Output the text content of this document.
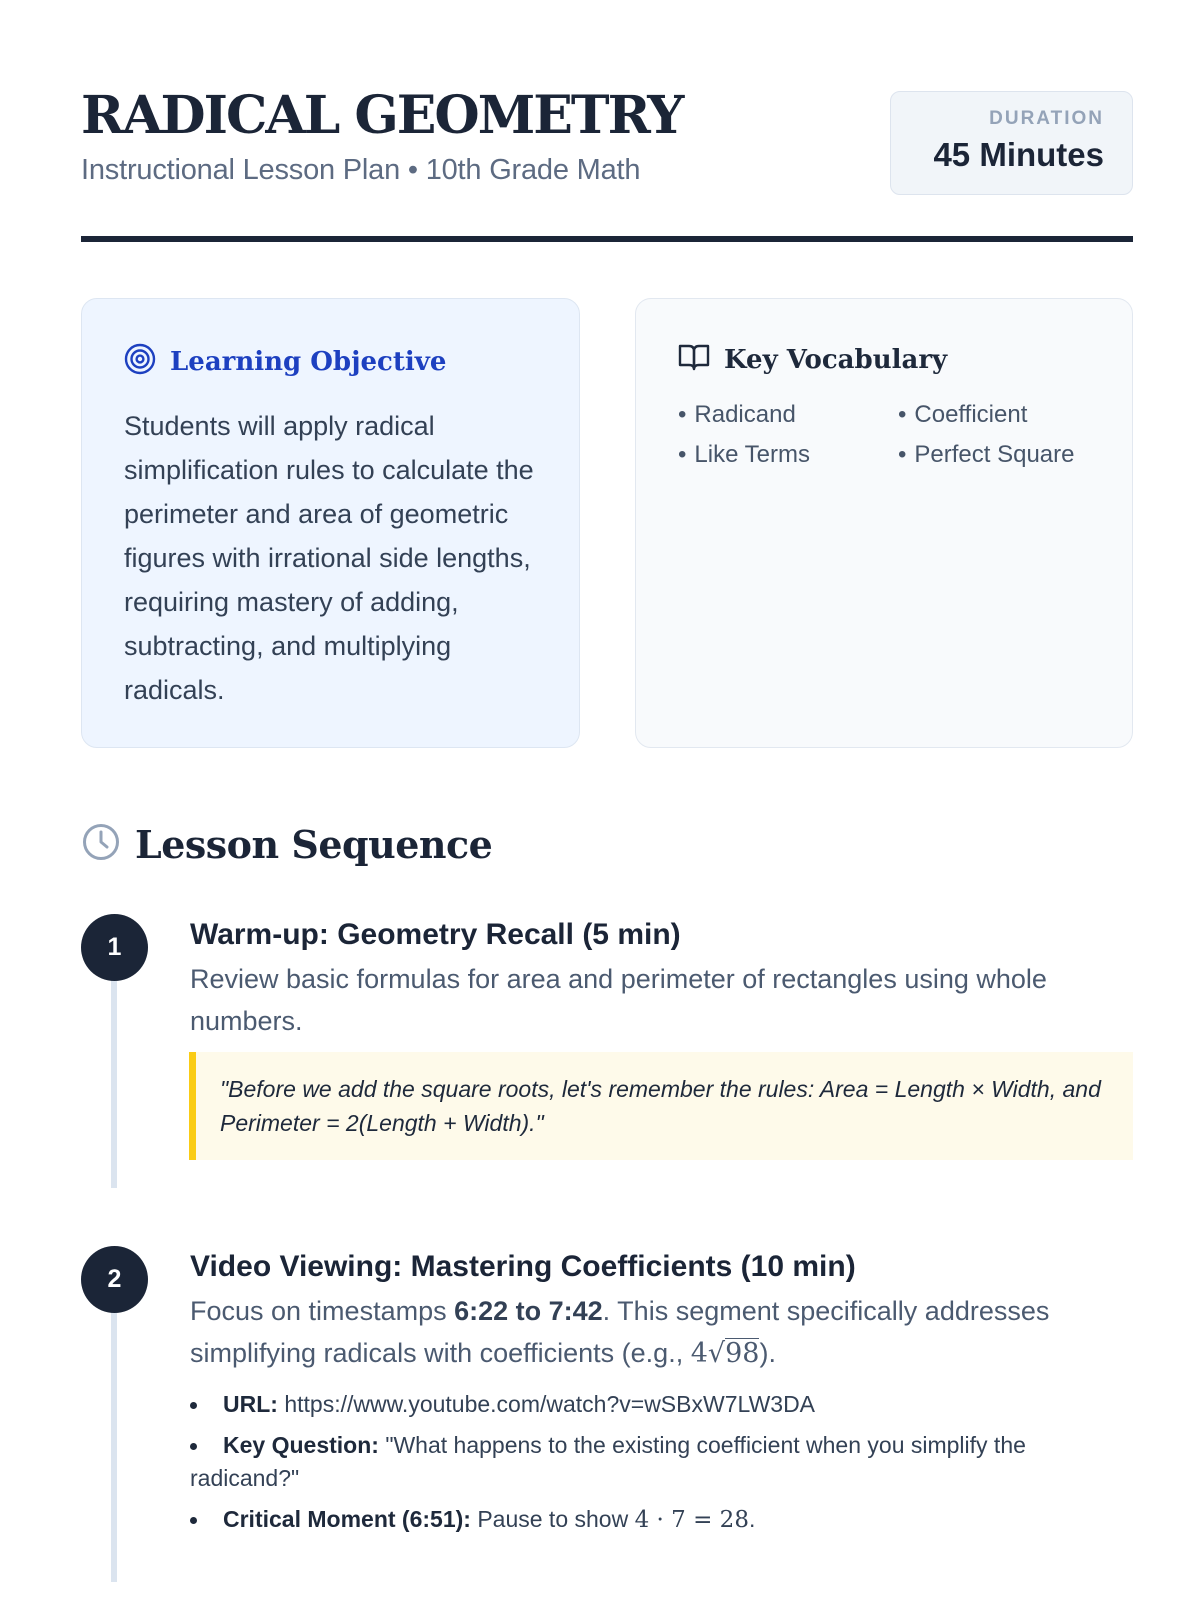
RADICAL GEOMETRY
Instructional Lesson Plan • 10th Grade Math
DURATION
45 Minutes
Learning Objective

Students will apply radical simplification rules to calculate the perimeter and area of geometric figures with irrational side lengths, requiring mastery of adding, subtracting, and multiplying radicals.

Key Vocabulary
• Radicand	• Coefficient
• Like Terms	• Perfect Square
Lesson Sequence
1	Warm-up: Geometry Recall (5 min)

Review basic formulas for area and perimeter of rectangles using whole numbers.

"Before we add the square roots, let's remember the rules: Area = Length × Width, and Perimeter = 2(Length + Width)."
2	Video Viewing: Mastering Coefficients (10 min)

Focus on timestamps 6:22 to 7:42. This segment specifically addresses simplifying radicals with coefficients (e.g., 4√98).

URL: https://www.youtube.com/watch?v=wSBxW7LW3DA
Key Question: "What happens to the existing coefficient when you simplify the radicand?"
Critical Moment (6:51): Pause to show 4 · 7 = 28.
